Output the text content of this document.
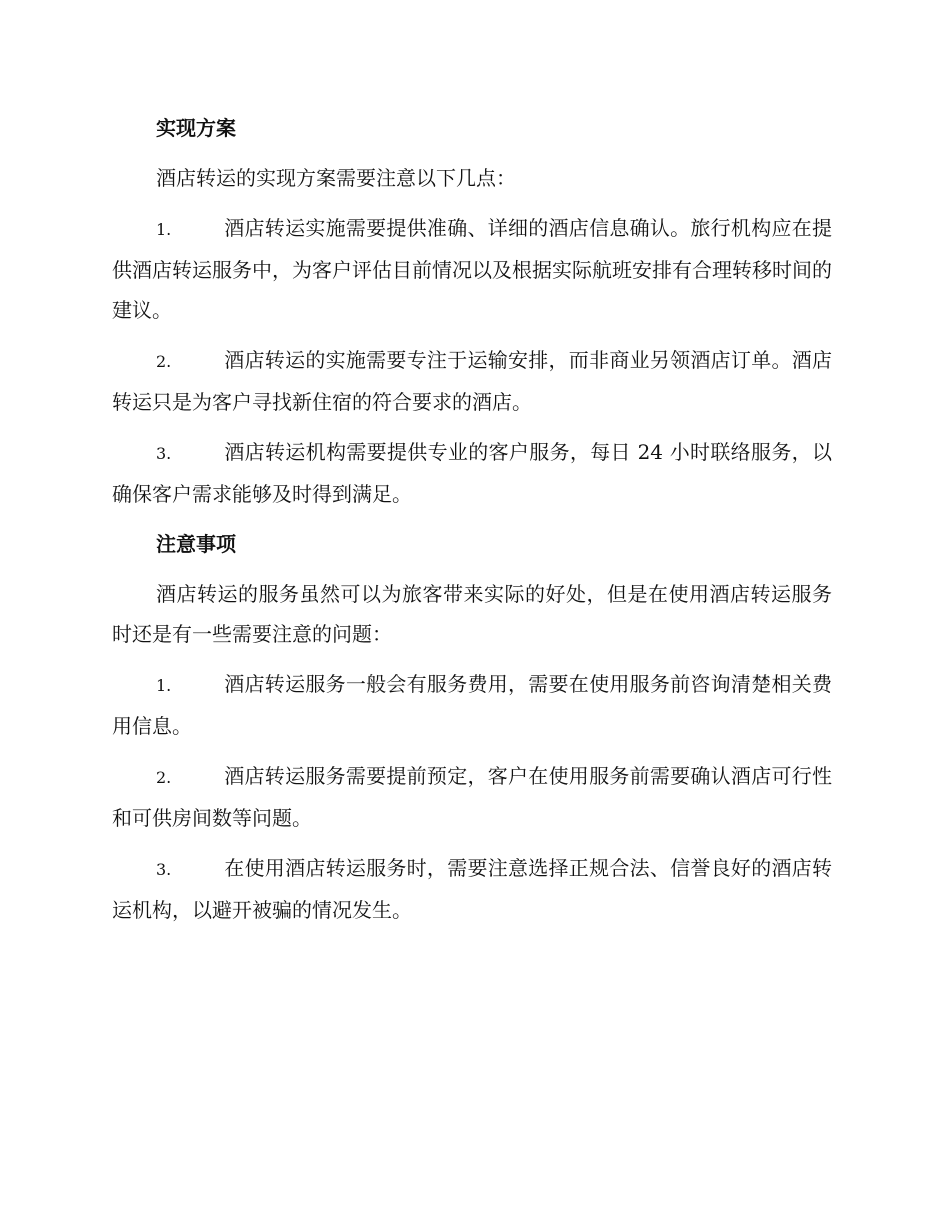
实现方案

酒店转运的实现方案需要注意以下几点：

1.	酒店转运实施需要提供准确、详细的酒店信息确认。旅行机构应在提供酒店转运服务中，为客户评估目前情况以及根据实际航班安排有合理转移时间的建议。

2.	酒店转运的实施需要专注于运输安排，而非商业另领酒店订单。酒店转运只是为客户寻找新住宿的符合要求的酒店。

3.	酒店转运机构需要提供专业的客户服务，每日 24 小时联络服务，以确保客户需求能够及时得到满足。

注意事项

酒店转运的服务虽然可以为旅客带来实际的好处，但是在使用酒店转运服务时还是有一些需要注意的问题：

1.	酒店转运服务一般会有服务费用，需要在使用服务前咨询清楚相关费用信息。

2.	酒店转运服务需要提前预定，客户在使用服务前需要确认酒店可行性和可供房间数等问题。

3.	在使用酒店转运服务时，需要注意选择正规合法、信誉良好的酒店转运机构，以避开被骗的情况发生。
